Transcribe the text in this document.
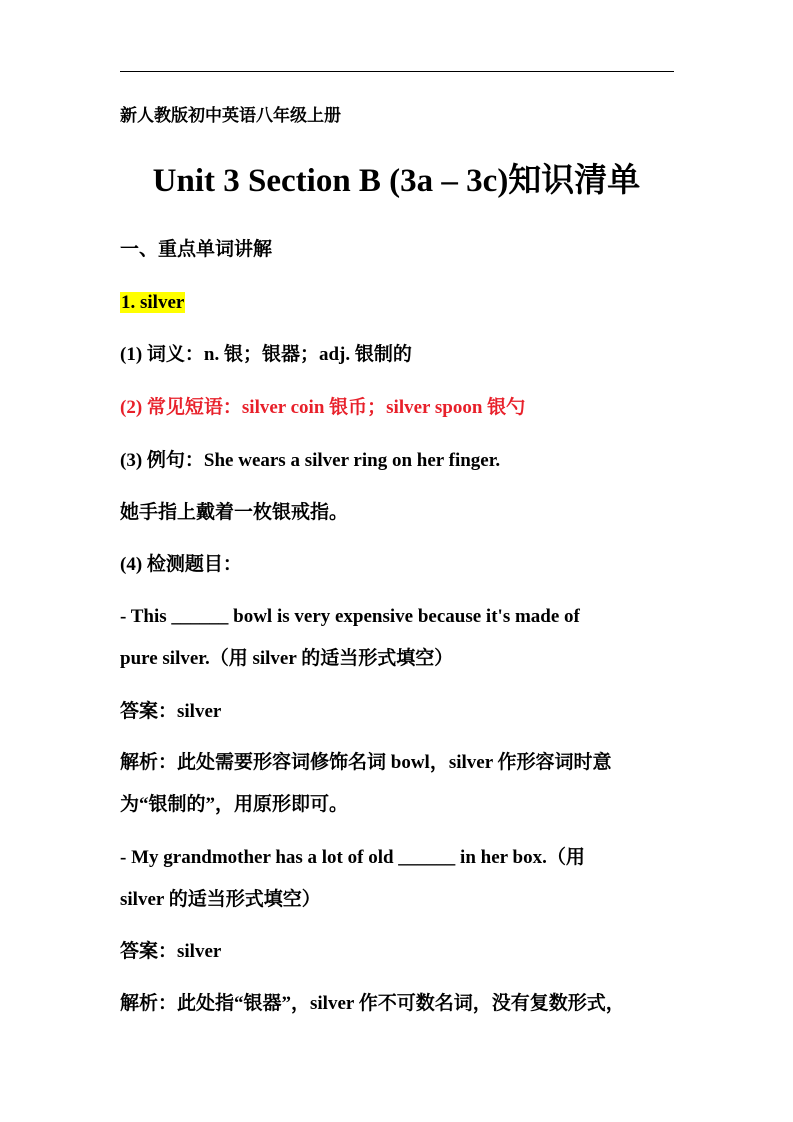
新人教版初中英语八年级上册
Unit 3 Section B (3a – 3c)知识清单
一、重点单词讲解
1. silver
(1) 词义：n. 银；银器；adj. 银制的
(2) 常见短语：silver coin 银币；silver spoon 银勺
(3) 例句：She wears a silver ring on her finger.
她手指上戴着一枚银戒指。
(4) 检测题目：
- This ______ bowl is very expensive because it's made of
pure silver.（用 silver 的适当形式填空）
答案：silver
解析：此处需要形容词修饰名词 bowl，silver 作形容词时意
为“银制的”，用原形即可。
- My grandmother has a lot of old ______ in her box.（用
silver 的适当形式填空）
答案：silver
解析：此处指“银器”，silver 作不可数名词，没有复数形式，
